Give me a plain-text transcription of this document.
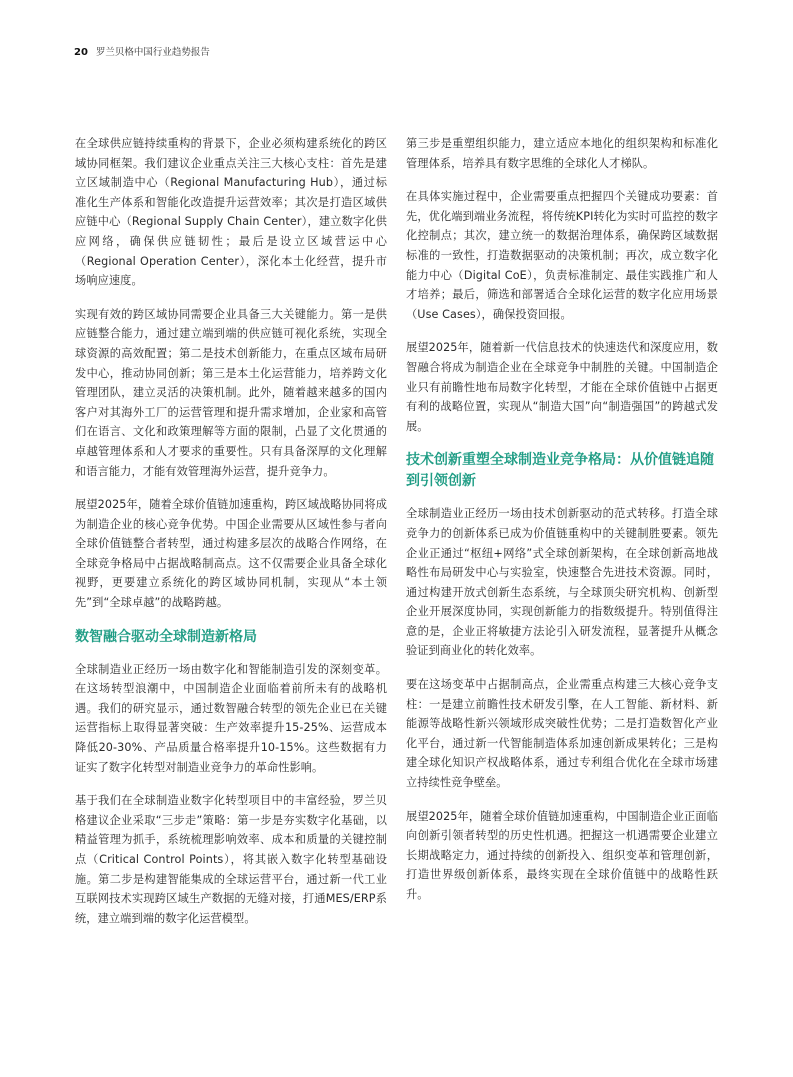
20 罗兰贝格中国行业趋势报告

在全球供应链持续重构的背景下，企业必须构建系统化的跨区域协同框架。我们建议企业重点关注三大核心支柱：首先是建立区域制造中心（Regional Manufacturing Hub），通过标准化生产体系和智能化改造提升运营效率；其次是打造区域供应链中心（Regional Supply Chain Center），建立数字化供应网络，确保供应链韧性；最后是设立区域营运中心（Regional Operation Center），深化本土化经营，提升市场响应速度。

实现有效的跨区域协同需要企业具备三大关键能力。第一是供应链整合能力，通过建立端到端的供应链可视化系统，实现全球资源的高效配置；第二是技术创新能力，在重点区域布局研发中心，推动协同创新；第三是本土化运营能力，培养跨文化管理团队，建立灵活的决策机制。此外，随着越来越多的国内客户对其海外工厂的运营管理和提升需求增加，企业家和高管们在语言、文化和政策理解等方面的限制，凸显了文化贯通的卓越管理体系和人才要求的重要性。只有具备深厚的文化理解和语言能力，才能有效管理海外运营，提升竞争力。

展望2025年，随着全球价值链加速重构，跨区域战略协同将成为制造企业的核心竞争优势。中国企业需要从区域性参与者向全球价值链整合者转型，通过构建多层次的战略合作网络，在全球竞争格局中占据战略制高点。这不仅需要企业具备全球化视野，更要建立系统化的跨区域协同机制，实现从“本土领先”到“全球卓越”的战略跨越。

数智融合驱动全球制造新格局

全球制造业正经历一场由数字化和智能制造引发的深刻变革。在这场转型浪潮中，中国制造企业面临着前所未有的战略机遇。我们的研究显示，通过数智融合转型的领先企业已在关键运营指标上取得显著突破：生产效率提升15-25%、运营成本降低20-30%、产品质量合格率提升10-15%。这些数据有力证实了数字化转型对制造业竞争力的革命性影响。

基于我们在全球制造业数字化转型项目中的丰富经验，罗兰贝格建议企业采取“三步走”策略：第一步是夯实数字化基础，以精益管理为抓手，系统梳理影响效率、成本和质量的关键控制点（Critical Control Points），将其嵌入数字化转型基础设施。第二步是构建智能集成的全球运营平台，通过新一代工业互联网技术实现跨区域生产数据的无缝对接，打通MES/ERP系统，建立端到端的数字化运营模型。

第三步是重塑组织能力，建立适应本地化的组织架构和标准化管理体系，培养具有数字思维的全球化人才梯队。

在具体实施过程中，企业需要重点把握四个关键成功要素：首先，优化端到端业务流程，将传统KPI转化为实时可监控的数字化控制点；其次，建立统一的数据治理体系，确保跨区域数据标准的一致性，打造数据驱动的决策机制；再次，成立数字化能力中心（Digital CoE），负责标准制定、最佳实践推广和人才培养；最后，筛选和部署适合全球化运营的数字化应用场景（Use Cases），确保投资回报。

展望2025年，随着新一代信息技术的快速迭代和深度应用，数智融合将成为制造企业在全球竞争中制胜的关键。中国制造企业只有前瞻性地布局数字化转型，才能在全球价值链中占据更有利的战略位置，实现从“制造大国”向“制造强国”的跨越式发展。

技术创新重塑全球制造业竞争格局：从价值链追随到引领创新

全球制造业正经历一场由技术创新驱动的范式转移。打造全球竞争力的创新体系已成为价值链重构中的关键制胜要素。领先企业正通过“枢纽+网络”式全球创新架构，在全球创新高地战略性布局研发中心与实验室，快速整合先进技术资源。同时，通过构建开放式创新生态系统，与全球顶尖研究机构、创新型企业开展深度协同，实现创新能力的指数级提升。特别值得注意的是，企业正将敏捷方法论引入研发流程，显著提升从概念验证到商业化的转化效率。

要在这场变革中占据制高点，企业需重点构建三大核心竞争支柱：一是建立前瞻性技术研发引擎，在人工智能、新材料、新能源等战略性新兴领域形成突破性优势；二是打造数智化产业化平台，通过新一代智能制造体系加速创新成果转化；三是构建全球化知识产权战略体系，通过专利组合优化在全球市场建立持续性竞争壁垒。

展望2025年，随着全球价值链加速重构，中国制造企业正面临向创新引领者转型的历史性机遇。把握这一机遇需要企业建立长期战略定力，通过持续的创新投入、组织变革和管理创新，打造世界级创新体系，最终实现在全球价值链中的战略性跃升。
